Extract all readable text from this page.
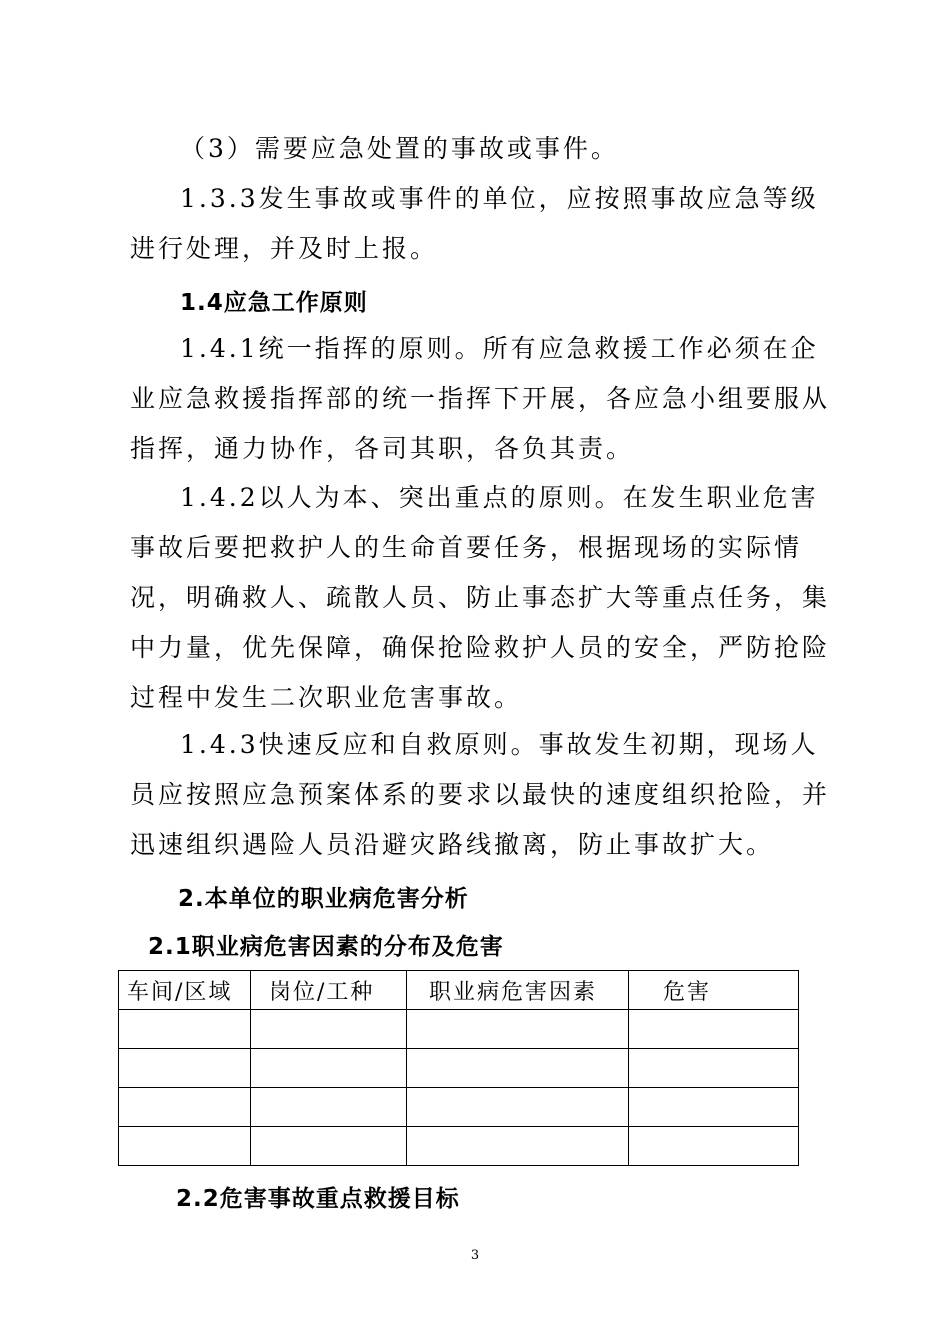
（3）需要应急处置的事故或事件。

1.3.3发生事故或事件的单位，应按照事故应急等级进行处理，并及时上报。

1.4应急工作原则

1.4.1统一指挥的原则。所有应急救援工作必须在企业应急救援指挥部的统一指挥下开展，各应急小组要服从指挥，通力协作，各司其职，各负其责。

1.4.2以人为本、突出重点的原则。在发生职业危害事故后要把救护人的生命首要任务，根据现场的实际情况，明确救人、疏散人员、防止事态扩大等重点任务，集中力量，优先保障，确保抢险救护人员的安全，严防抢险过程中发生二次职业危害事故。

1.4.3快速反应和自救原则。事故发生初期，现场人员应按照应急预案体系的要求以最快的速度组织抢险，并迅速组织遇险人员沿避灾路线撤离，防止事故扩大。

2.本单位的职业病危害分析

2.1职业病危害因素的分布及危害

车间/区域	岗位/工种	职业病危害因素	危害

2.2危害事故重点救援目标

3
